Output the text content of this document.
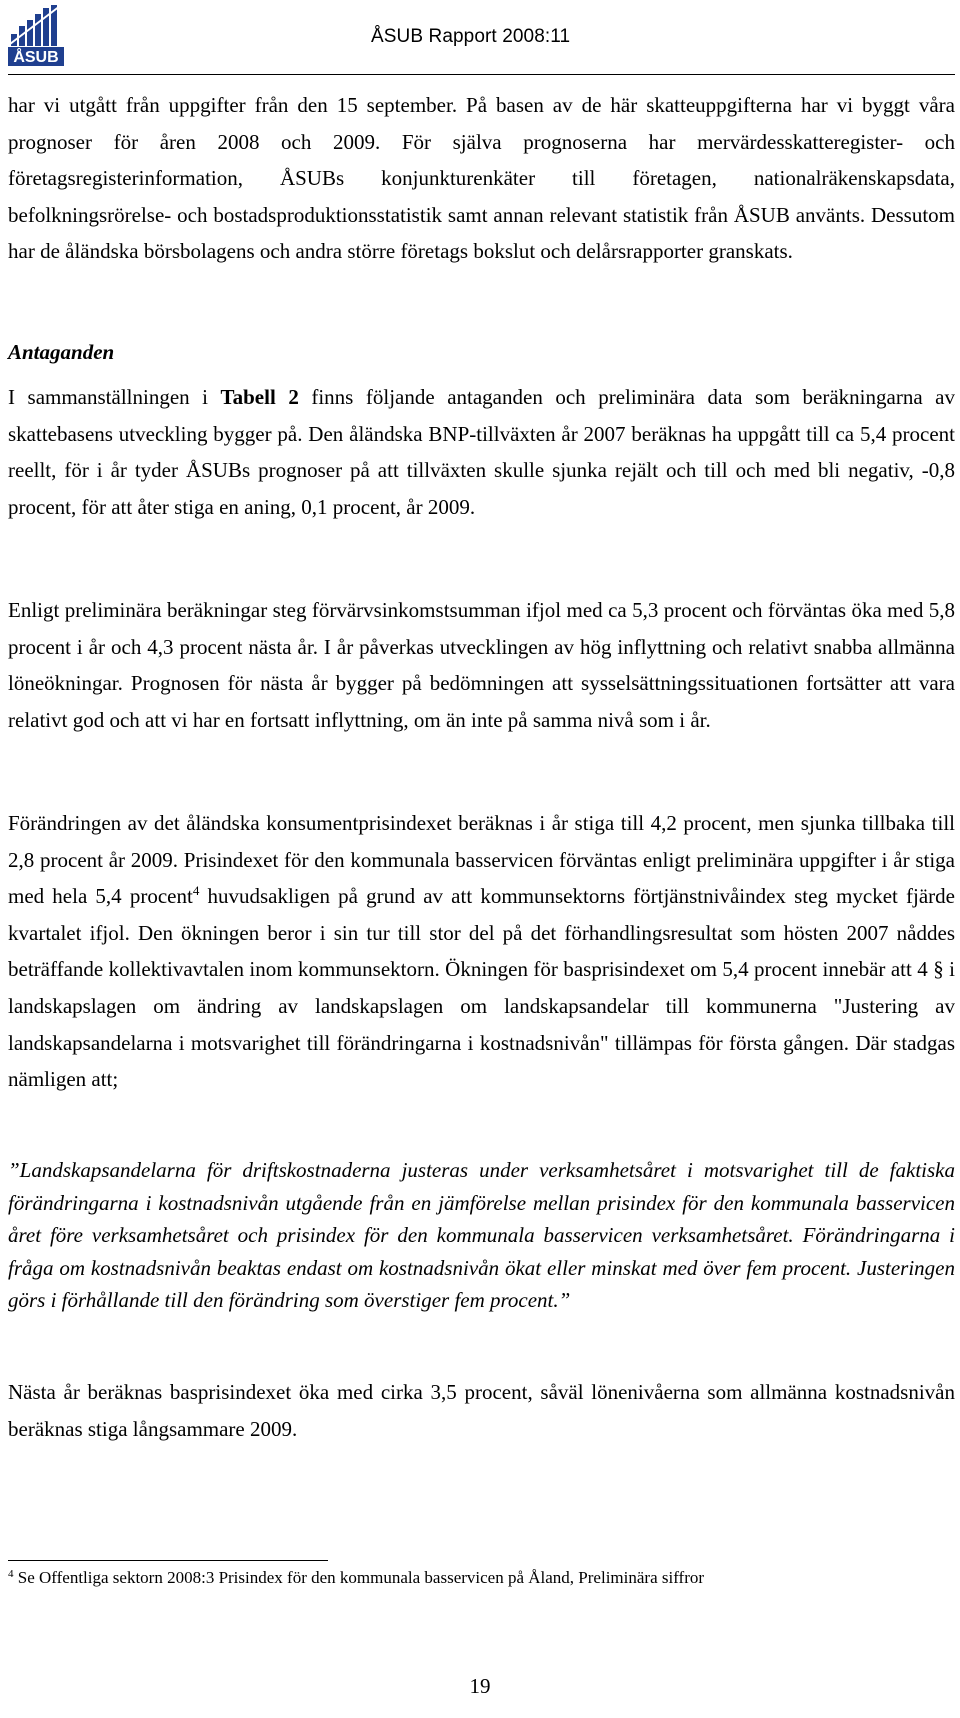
ÅSUB
ÅSUB Rapport 2008:11

har vi utgått från uppgifter från den 15 september. På basen av de här skatteuppgifterna har vi byggt våra prognoser för åren 2008 och 2009. För själva prognoserna har mervärdesskatteregister- och företagsregisterinformation, ÅSUBs konjunkturenkäter till företagen, nationalräkenskapsdata, befolkningsrörelse- och bostadsproduktionsstatistik samt annan relevant statistik från ÅSUB använts. Dessutom har de åländska börsbolagens och andra större företags bokslut och delårsrapporter granskats.

Antaganden

I sammanställningen i Tabell 2 finns följande antaganden och preliminära data som beräkningarna av skattebasens utveckling bygger på. Den åländska BNP-tillväxten år 2007 beräknas ha uppgått till ca 5,4 procent reellt, för i år tyder ÅSUBs prognoser på att tillväxten skulle sjunka rejält och till och med bli negativ, -0,8 procent, för att åter stiga en aning, 0,1 procent, år 2009.

Enligt preliminära beräkningar steg förvärvsinkomstsumman ifjol med ca 5,3 procent och förväntas öka med 5,8 procent i år och 4,3 procent nästa år. I år påverkas utvecklingen av hög inflyttning och relativt snabba allmänna löneökningar. Prognosen för nästa år bygger på bedömningen att sysselsättningssituationen fortsätter att vara relativt god och att vi har en fortsatt inflyttning, om än inte på samma nivå som i år.

Förändringen av det åländska konsumentprisindexet beräknas i år stiga till 4,2 procent, men sjunka tillbaka till 2,8 procent år 2009. Prisindexet för den kommunala basservicen förväntas enligt preliminära uppgifter i år stiga med hela 5,4 procent$^4$ huvudsakligen på grund av att kommunsektorns förtjänstnivåindex steg mycket fjärde kvartalet ifjol. Den ökningen beror i sin tur till stor del på det förhandlingsresultat som hösten 2007 nåddes beträffande kollektivavtalen inom kommunsektorn. Ökningen för basprisindexet om 5,4 procent innebär att 4 § i landskapslagen om ändring av landskapslagen om landskapsandelar till kommunerna "Justering av landskapsandelarna i motsvarighet till förändringarna i kostnadsnivån" tillämpas för första gången. Där stadgas nämligen att;

”Landskapsandelarna för driftskostnaderna justeras under verksamhetsåret i motsvarighet till de faktiska förändringarna i kostnadsnivån utgående från en jämförelse mellan prisindex för den kommunala basservicen året före verksamhetsåret och prisindex för den kommunala basservicen verksamhetsåret. Förändringarna i fråga om kostnadsnivån beaktas endast om kostnadsnivån ökat eller minskat med över fem procent. Justeringen görs i förhållande till den förändring som överstiger fem procent.”

Nästa år beräknas basprisindexet öka med cirka 3,5 procent, såväl lönenivåerna som allmänna kostnadsnivån beräknas stiga långsammare 2009.

$^4$ Se Offentliga sektorn 2008:3 Prisindex för den kommunala basservicen på Åland, Preliminära siffror
19
